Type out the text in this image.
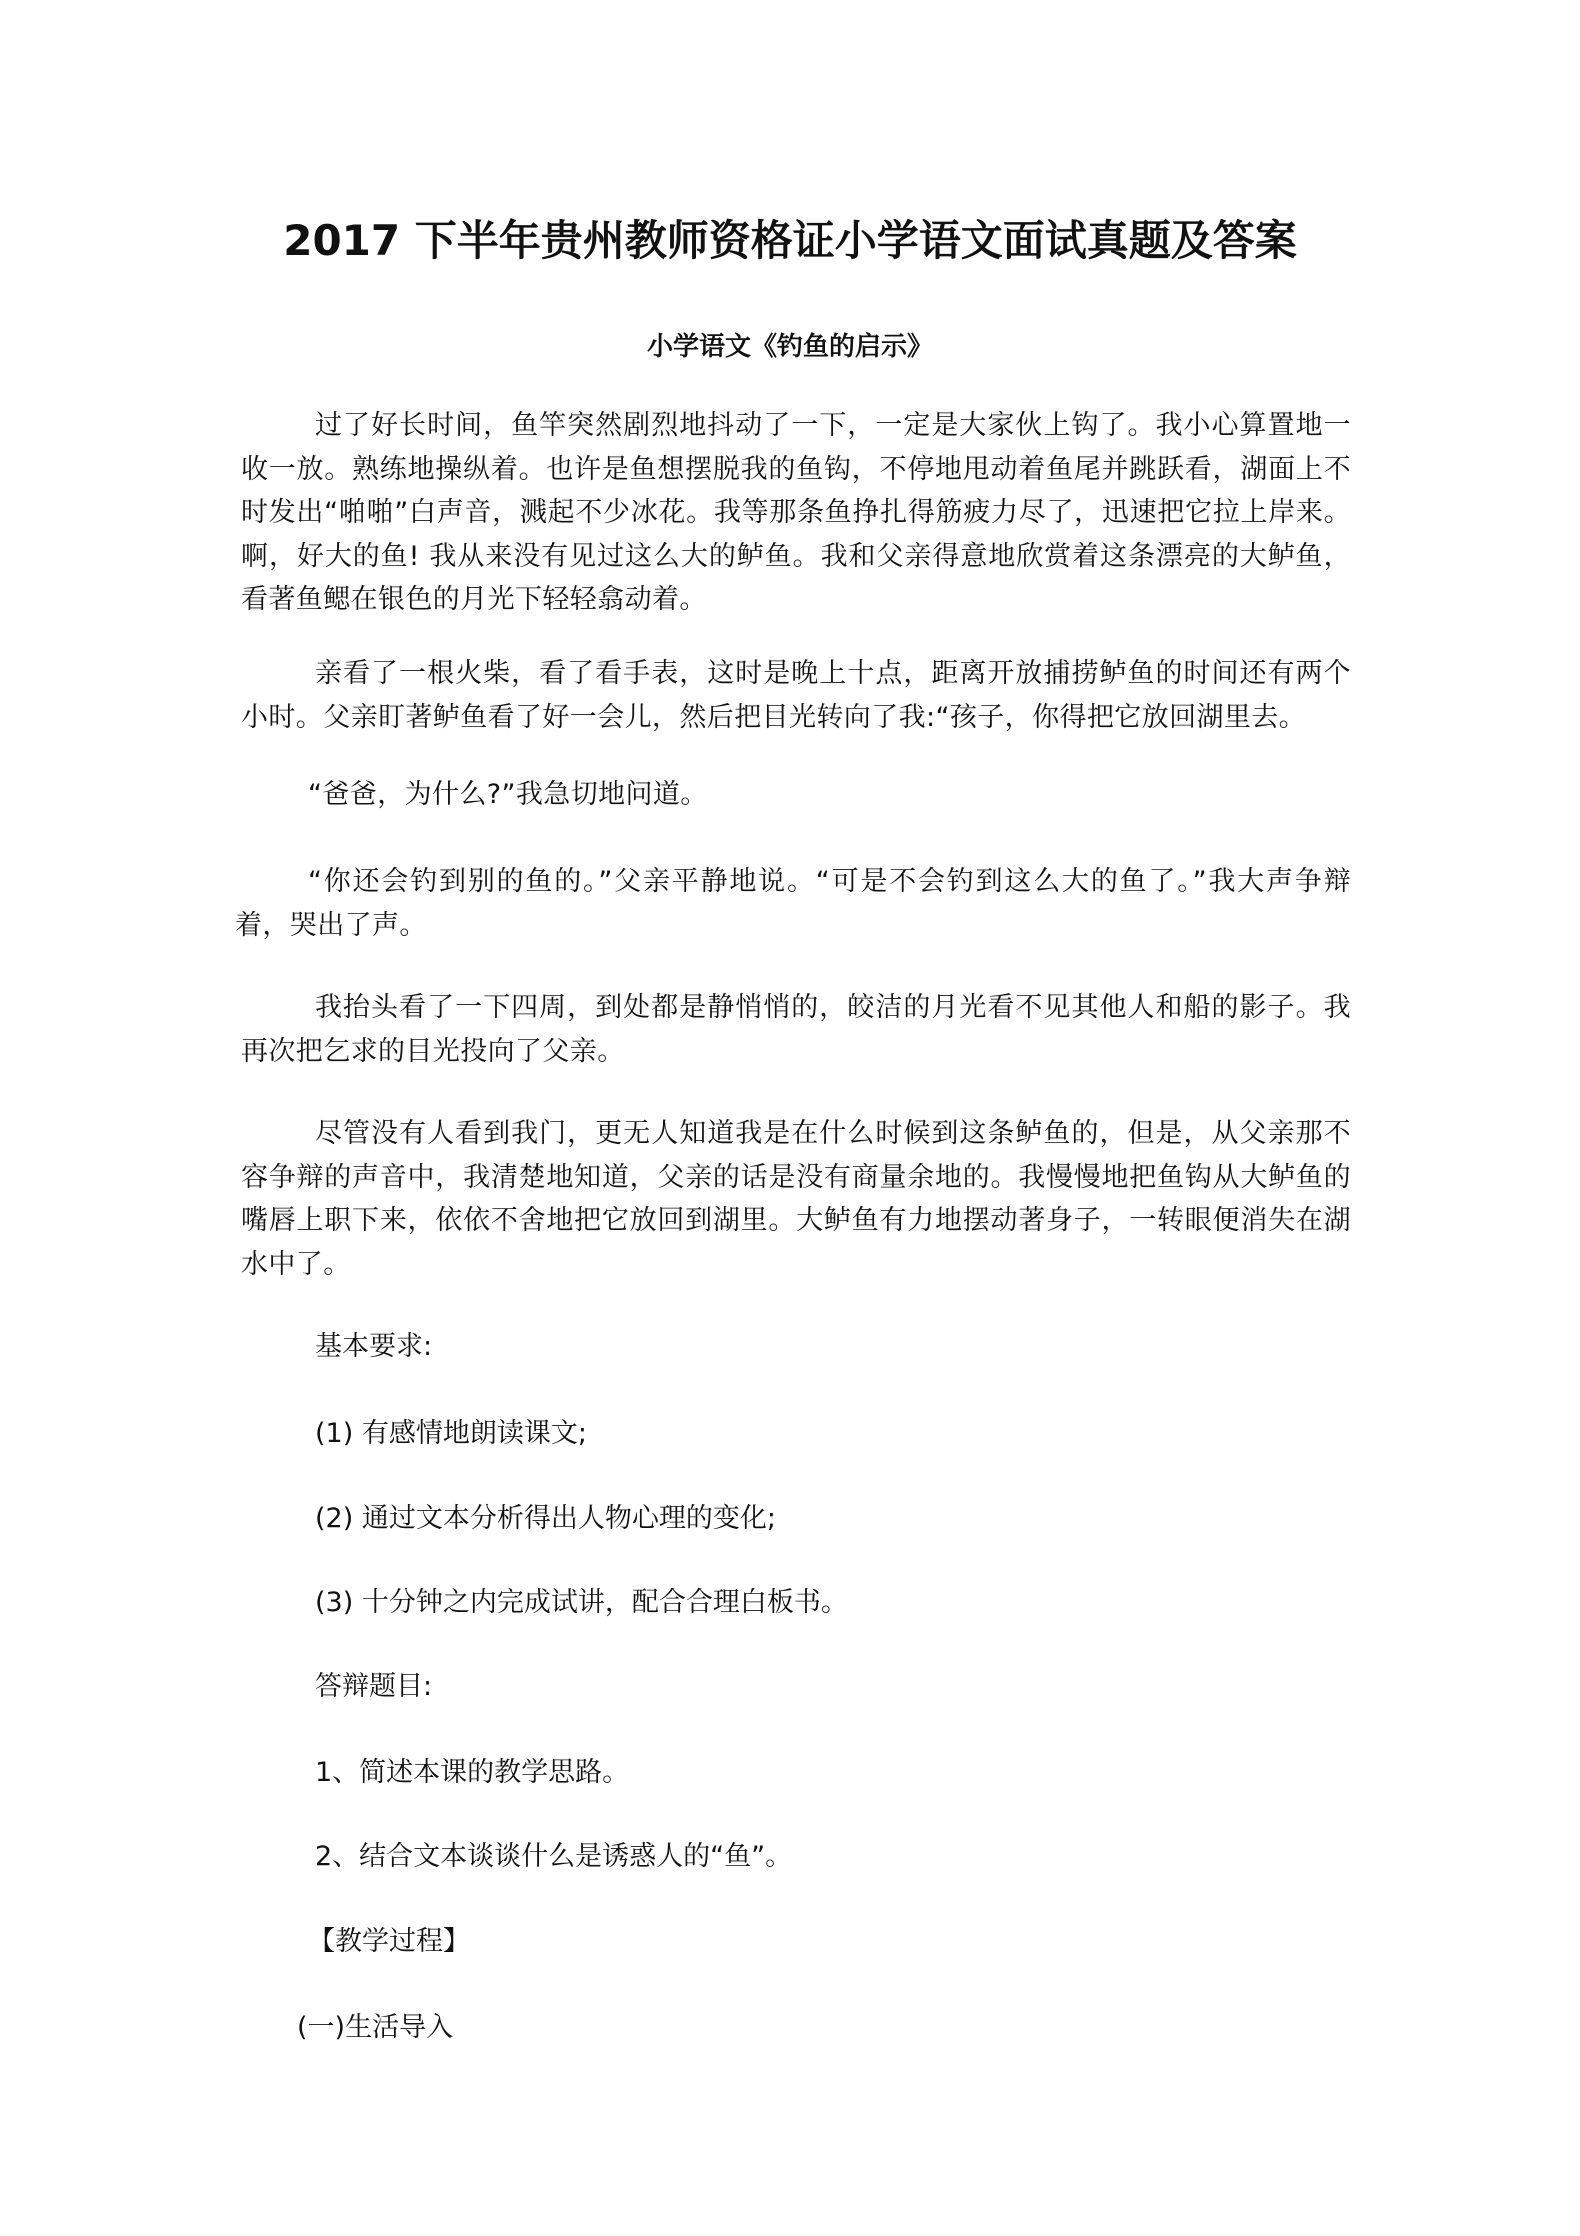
2017 下半年贵州教师资格证小学语文面试真题及答案
小学语文《钓鱼的启示》

过了好长时间，鱼竿突然剧烈地抖动了一下，一定是大家伙上钩了。我小心算置地一收一放。熟练地操纵着。也许是鱼想摆脱我的鱼钩，不停地甩动着鱼尾并跳跃看，湖面上不时发出“啪啪”白声音，溅起不少冰花。我等那条鱼挣扎得筋疲力尽了，迅速把它拉上岸来。啊，好大的鱼! 我从来没有见过这么大的鲈鱼。我和父亲得意地欣赏着这条漂亮的大鲈鱼，看著鱼鳃在银色的月光下轻轻翕动着。

亲看了一根火柴，看了看手表，这时是晚上十点，距离开放捕捞鲈鱼的时间还有两个小时。父亲盯著鲈鱼看了好一会儿，然后把目光转向了我:“孩子，你得把它放回湖里去。

“爸爸，为什么?”我急切地问道。

“你还会钓到别的鱼的。”父亲平静地说。“可是不会钓到这么大的鱼了。”我大声争辩着，哭出了声。

我抬头看了一下四周，到处都是静悄悄的，皎洁的月光看不见其他人和船的影子。我再次把乞求的目光投向了父亲。

尽管没有人看到我门，更无人知道我是在什么时候到这条鲈鱼的，但是，从父亲那不容争辩的声音中，我清楚地知道，父亲的话是没有商量余地的。我慢慢地把鱼钩从大鲈鱼的嘴唇上职下来，依依不舍地把它放回到湖里。大鲈鱼有力地摆动著身子，一转眼便消失在湖水中了。

基本要求:

(1) 有感情地朗读课文;

(2) 通过文本分析得出人物心理的变化;

(3) 十分钟之内完成试讲，配合合理白板书。

答辩题目:

1、简述本课的教学思路。

2、结合文本谈谈什么是诱惑人的“鱼”。

【教学过程】

(一)生活导入
